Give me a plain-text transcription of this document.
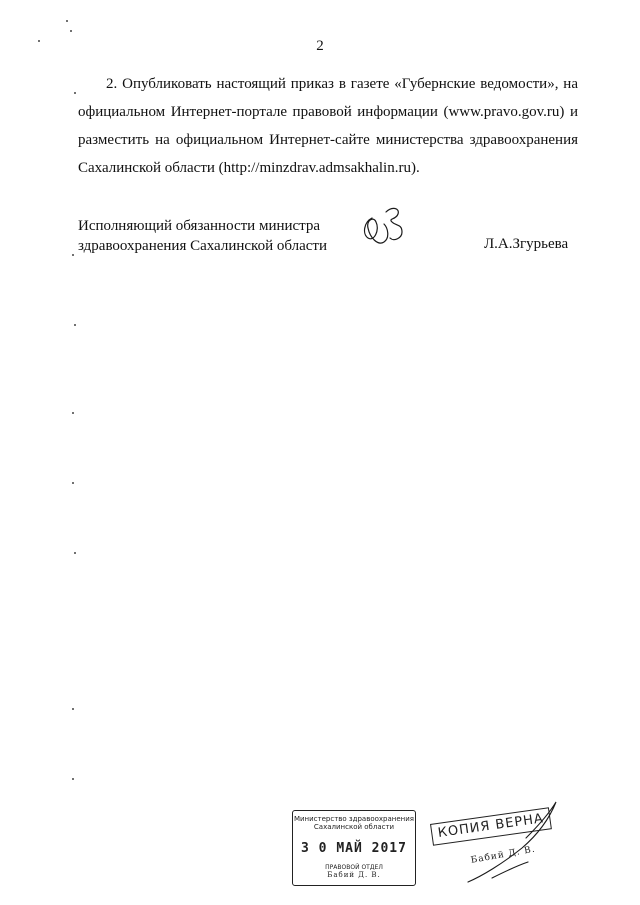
2
2. Опубликовать настоящий приказ в газете «Губернские ведомости», на
официальном Интернет-портале правовой информации (www.pravo.gov.ru) и
разместить на официальном Интернет-сайте министерства здравоохранения
Сахалинской области (http://minzdrav.admsakhalin.ru).
Исполняющий обязанности министра
здравоохранения Сахалинской области	Л.А.Згурьева
Министерство здравоохранения
Сахалинской области
3 0 МАЙ 2017
ПРАВОВОЙ ОТДЕЛ
Бабий Д. В.
КОПИЯ ВЕРНА
Бабий Д. В.
